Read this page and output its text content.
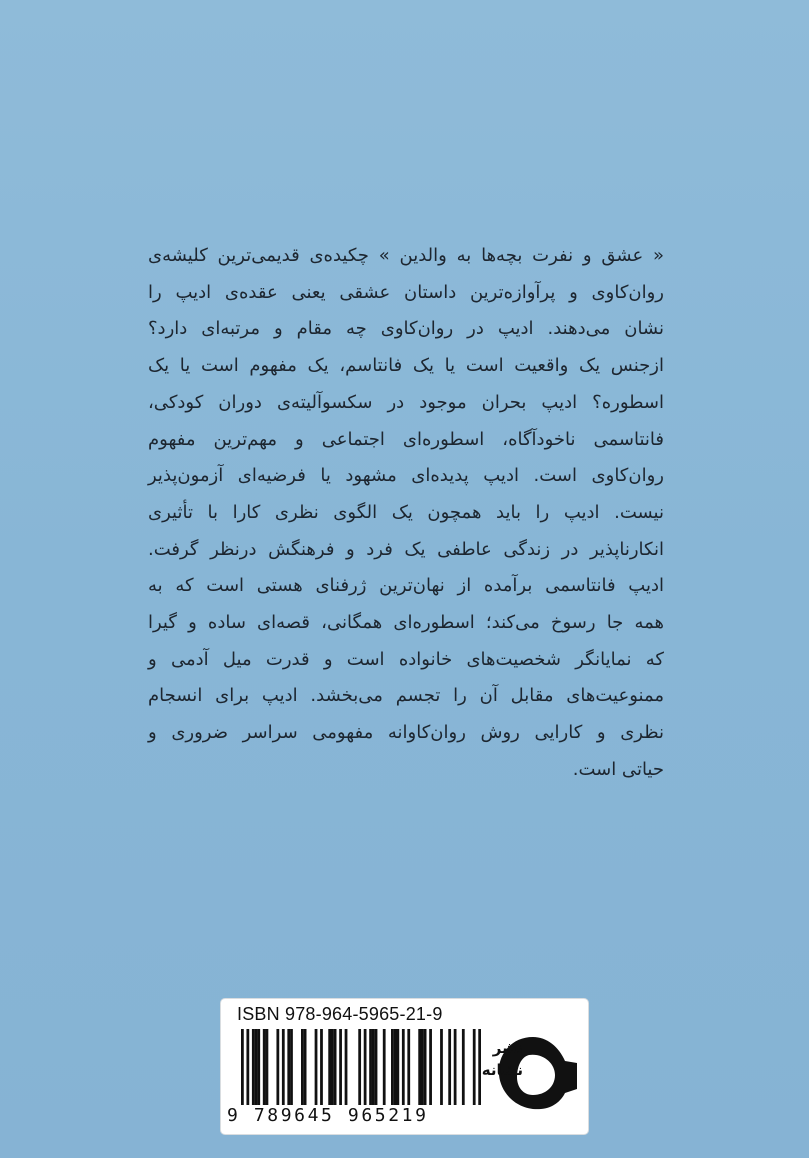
« عشق و نفرت بچه‌ها به والدین » چکیده‌ی قدیمی‌ترین کلیشه‌ی
روان‌کاوی و پرآوازه‌ترین داستان عشقی یعنی عقده‌ی ادیپ را
نشان می‌دهند. ادیپ در روان‌کاوی چه مقام و مرتبه‌ای دارد؟
ازجنس یک واقعیت است یا یک فانتاسم، یک مفهوم است یا یک
اسطوره؟ ادیپ بحران موجود در سکسوآلیته‌ی دوران کودکی،
فانتاسمی ناخودآگاه، اسطوره‌ای اجتماعی و مهم‌ترین مفهوم
روان‌کاوی است. ادیپ پدیده‌ای مشهود یا فرضیه‌ای آزمون‌پذیر
نیست. ادیپ را باید همچون یک الگوی نظری کارا با تأثیری
انکارناپذیر در زندگی عاطفی یک فرد و فرهنگش درنظر گرفت.
ادیپ فانتاسمی برآمده از نهان‌ترین ژرفنای هستی است که به
همه جا رسوخ می‌کند؛ اسطوره‌ای همگانی، قصه‌ای ساده و گیرا
که نمایانگر شخصیت‌های خانواده است و قدرت میل آدمی و
ممنوعیت‌های مقابل آن را تجسم می‌بخشد. ادیپ برای انسجام
نظری و کارایی روش روان‌کاوانه مفهومی سراسر ضروری و
حیاتی است.
ISBN 978-964-5965-21-9
9 789645 965219
نشر
نشانه
